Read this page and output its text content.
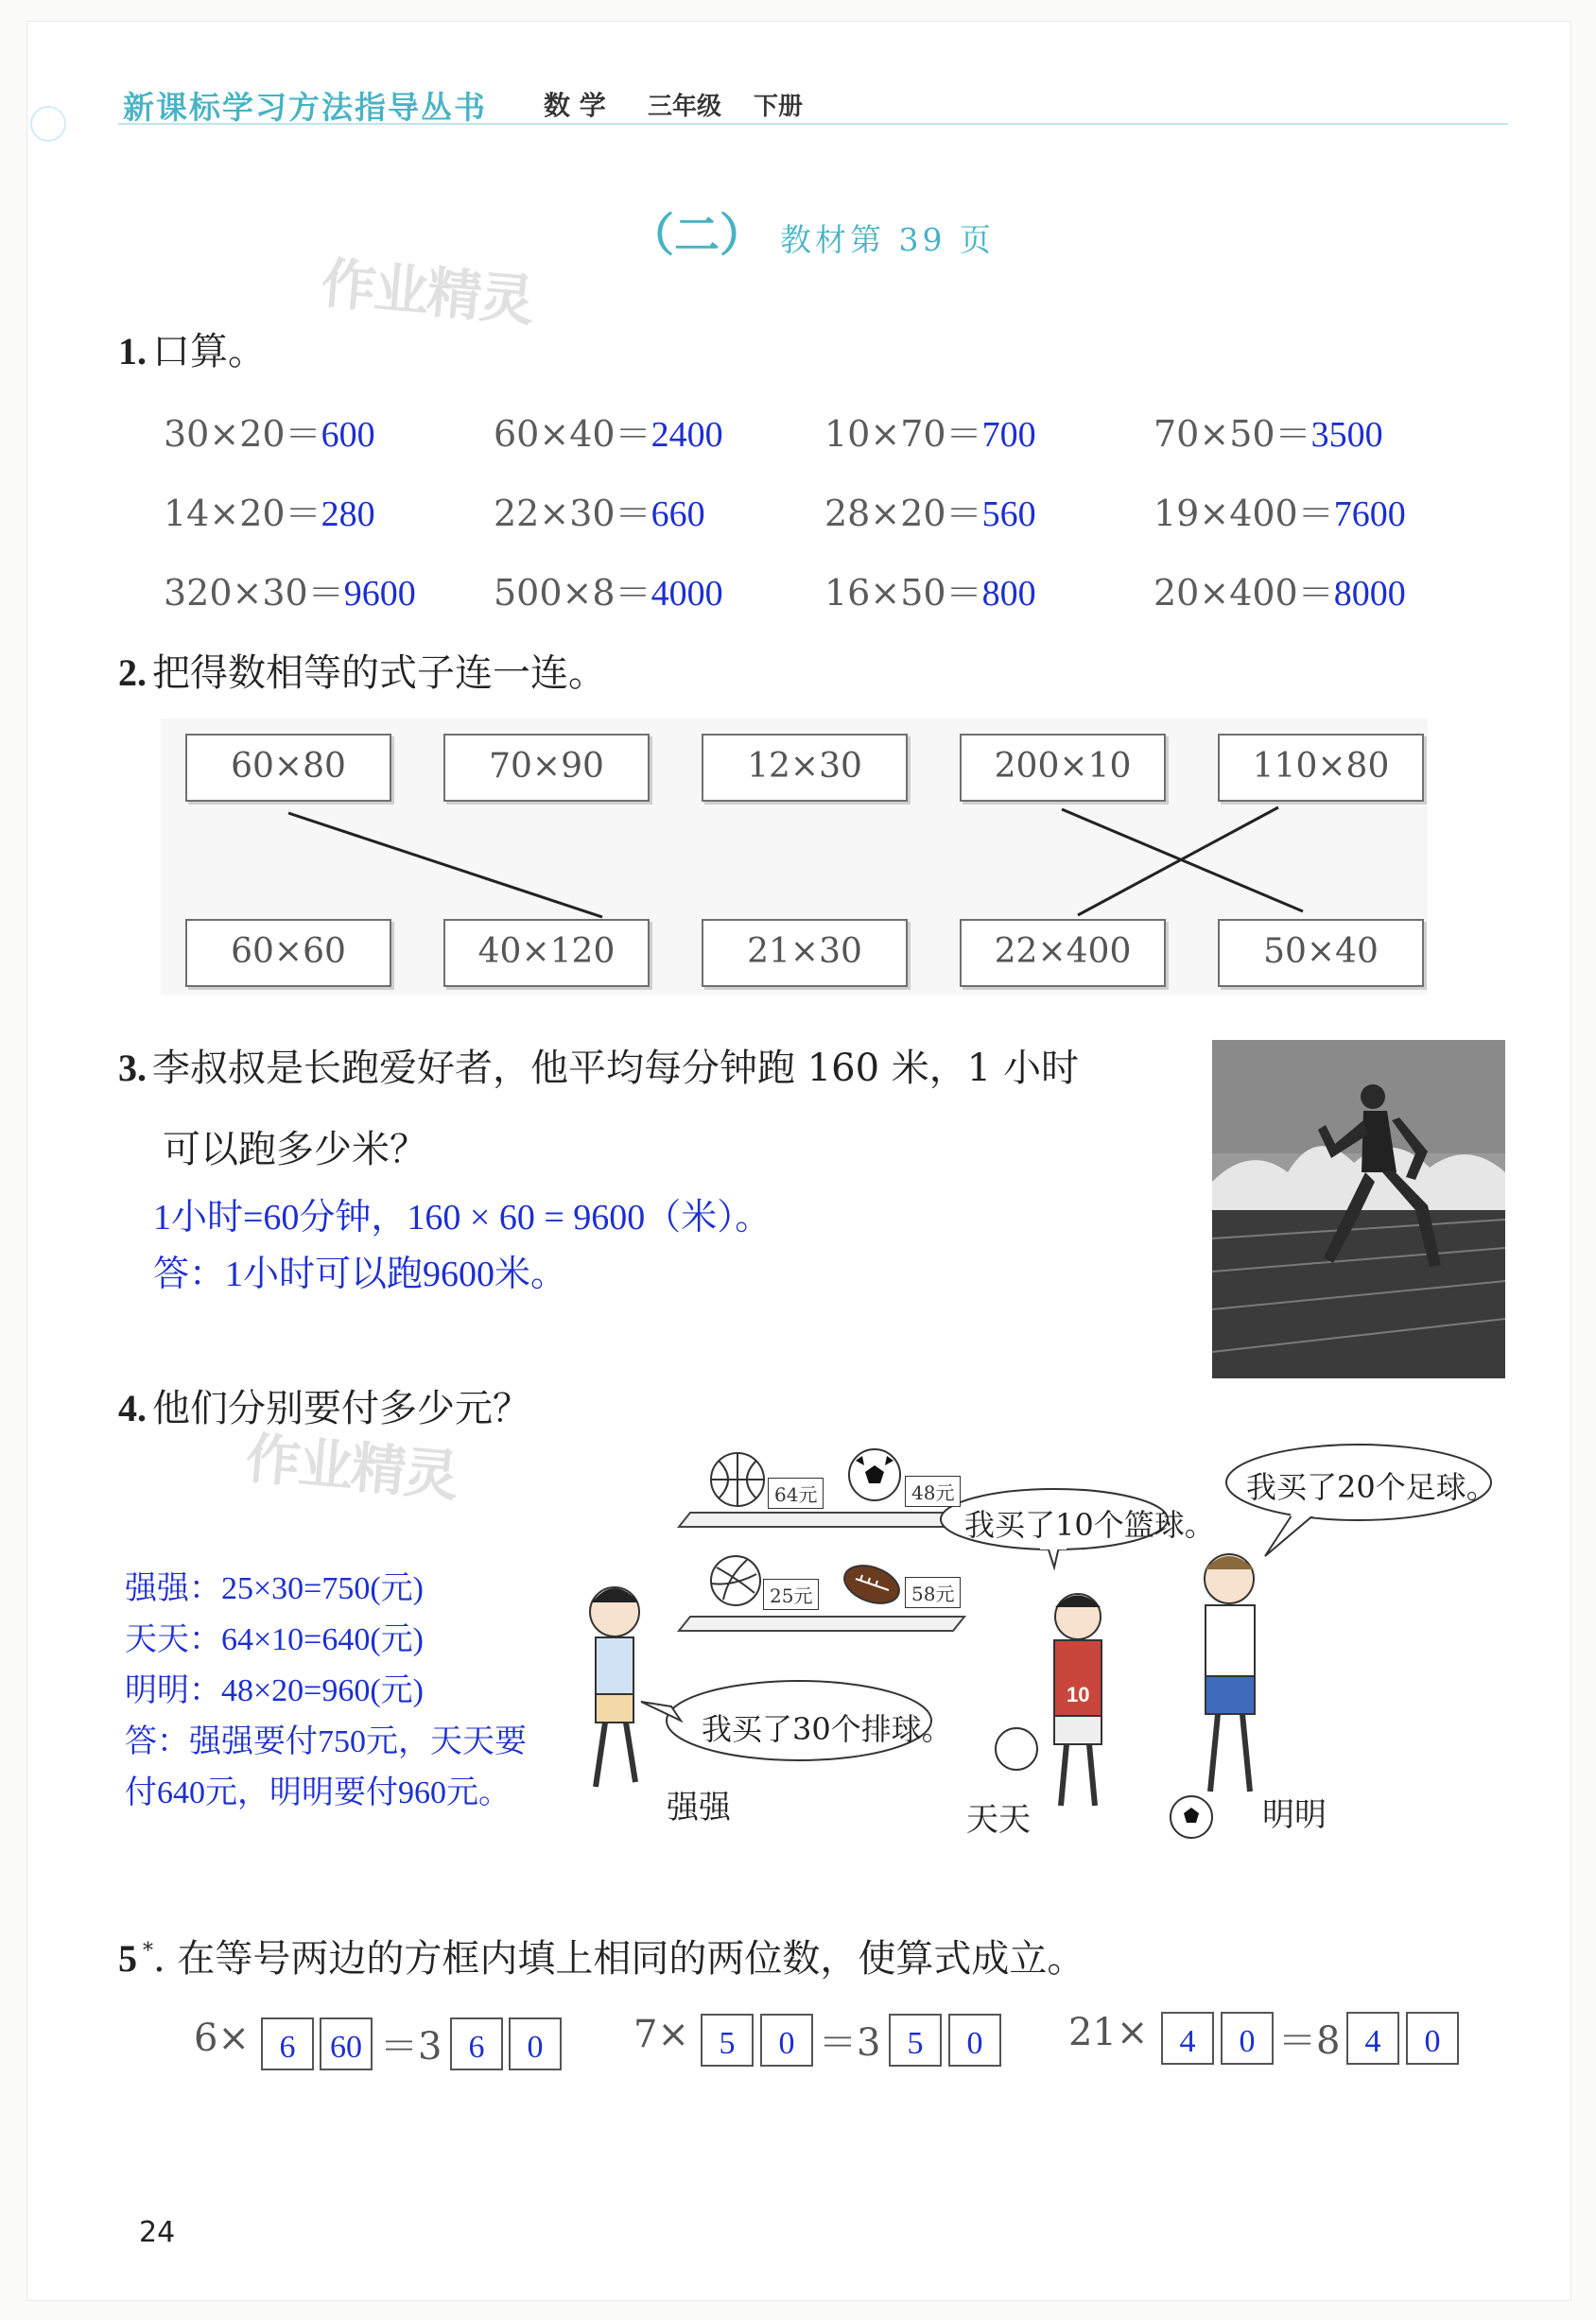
新课标学习方法指导丛书 数 学 三年级 下册
（二） 教材第 39 页
作业精灵
作业精灵
1. 口算。
30×20＝600	60×40＝2400	10×70＝700	70×50＝3500
14×20＝280	22×30＝660	28×20＝560	19×400＝7600
320×30＝9600 500×8＝4000	16×50＝800	20×400＝8000
2. 把得数相等的式子连一连。
60×80	70×90	12×30	200×10	110×80
60×60	40×120	21×30	22×400	50×40
3. 李叔叔是长跑爱好者，他平均每分钟跑 160 米，1 小时
可以跑多少米？
1小时=60分钟，160 × 60 = 9600（米）。
答：1小时可以跑9600米。
4. 他们分别要付多少元？
强强：25×30=750(元)
天天：64×10=640(元)
明明：48×20=960(元)
答：强强要付750元，天天要
付640元，明明要付960元。
64元	48元
25元	58元
我买了20个足球。
我买了10个篮球。
我买了30个排球。
10
强强	天天	明明
5 *. 在等号两边的方框内填上相同的两位数，使算式成立。
6× 6	60 ＝3 6	0	7× 5	0 ＝3 5	0	21× 4	0 ＝8 4	0
24
